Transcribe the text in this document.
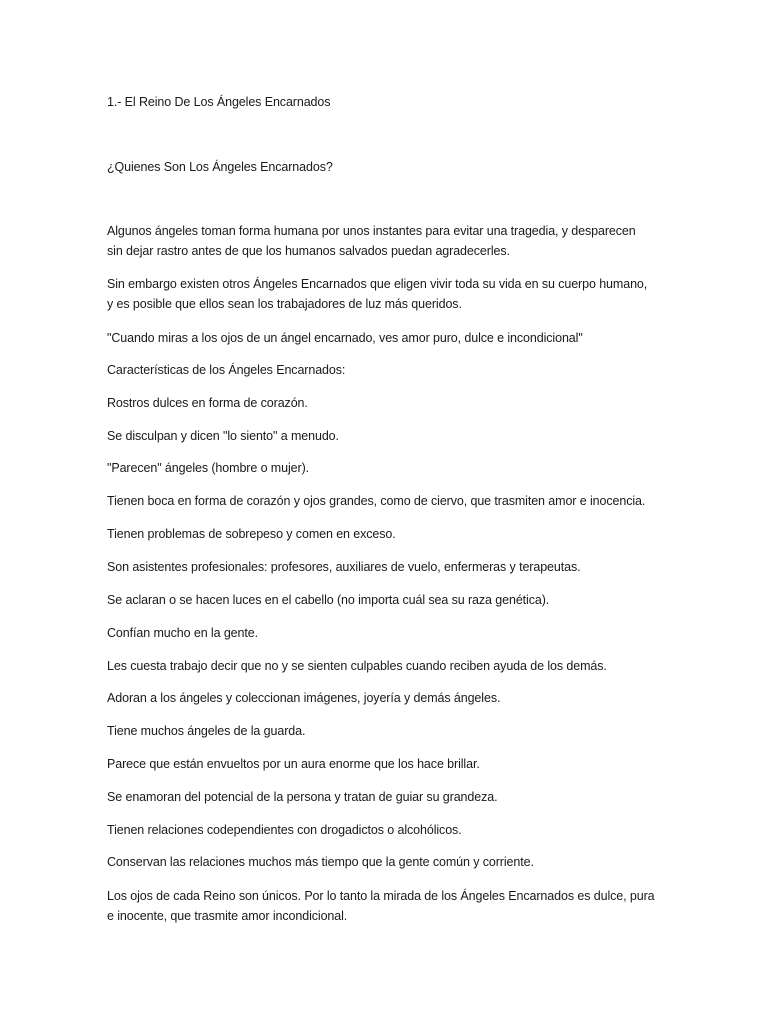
1.- El Reino De Los Ángeles Encarnados

¿Quienes Son Los Ángeles Encarnados?

Algunos ángeles toman forma humana por unos instantes para evitar una tragedia, y desparecen

sin dejar rastro antes de que los humanos salvados puedan agradecerles.

Sin embargo existen otros Ángeles Encarnados que eligen vivir toda su vida en su cuerpo humano,

y es posible que ellos sean los trabajadores de luz más queridos.

"Cuando miras a los ojos de un ángel encarnado, ves amor puro, dulce e incondicional"

Características de los Ángeles Encarnados:

Rostros dulces en forma de corazón.

Se disculpan y dicen "lo siento" a menudo.

"Parecen" ángeles (hombre o mujer).

Tienen boca en forma de corazón y ojos grandes, como de ciervo, que trasmiten amor e inocencia.

Tienen problemas de sobrepeso y comen en exceso.

Son asistentes profesionales: profesores, auxiliares de vuelo, enfermeras y terapeutas.

Se aclaran o se hacen luces en el cabello (no importa cuál sea su raza genética).

Confían mucho en la gente.

Les cuesta trabajo decir que no y se sienten culpables cuando reciben ayuda de los demás.

Adoran a los ángeles y coleccionan imágenes, joyería y demás ángeles.

Tiene muchos ángeles de la guarda.

Parece que están envueltos por un aura enorme que los hace brillar.

Se enamoran del potencial de la persona y tratan de guiar su grandeza.

Tienen relaciones codependientes con drogadictos o alcohólicos.

Conservan las relaciones muchos más tiempo que la gente común y corriente.

Los ojos de cada Reino son únicos. Por lo tanto la mirada de los Ángeles Encarnados es dulce, pura

e inocente, que trasmite amor incondicional.
